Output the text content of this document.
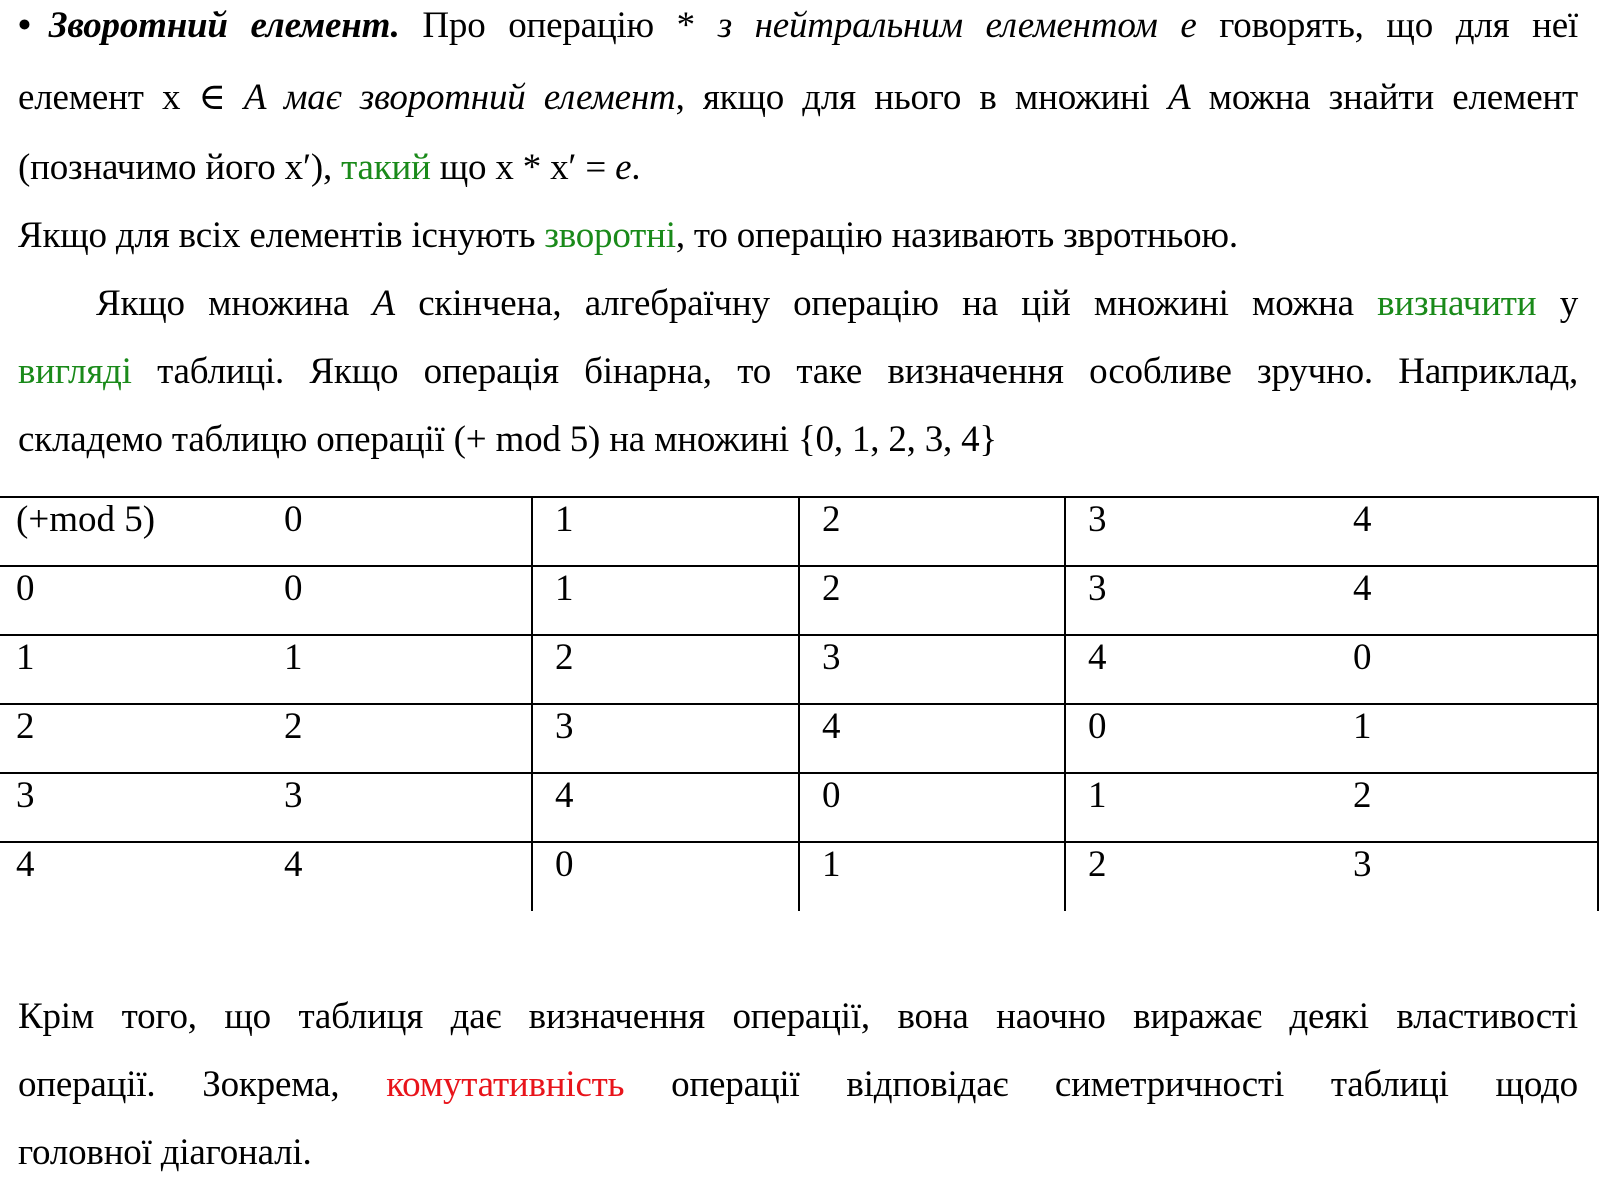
• Зворотний елемент. Про операцію * з нейтральним елементом e говорять, що для неї
елемент x ∈ A має зворотний елемент, якщо для нього в множині A можна знайти елемент
(позначимо його x′), такий що x * x′ = e.
Якщо для всіх елементів існують зворотні, то операцію називають звротньою.
Якщо множина A скінчена, алгебраїчну операцію на цій множині можна визначити у
вигляді таблиці. Якщо операція бінарна, то таке визначення особливе зручно. Наприклад,
складемо таблицю операції (+ mod 5) на множині {0, 1, 2, 3, 4}
(+mod 5)	0	1	2	3	4
0	0	1	2	3	4
1	1	2	3	4	0
2	2	3	4	0	1
3	3	4	0	1	2
4	4	0	1	2	3
Крім того, що таблиця дає визначення операції, вона наочно виражає деякі властивості
операції. Зокрема, комутативність операції відповідає симетричності таблиці щодо
головної діагоналі.
